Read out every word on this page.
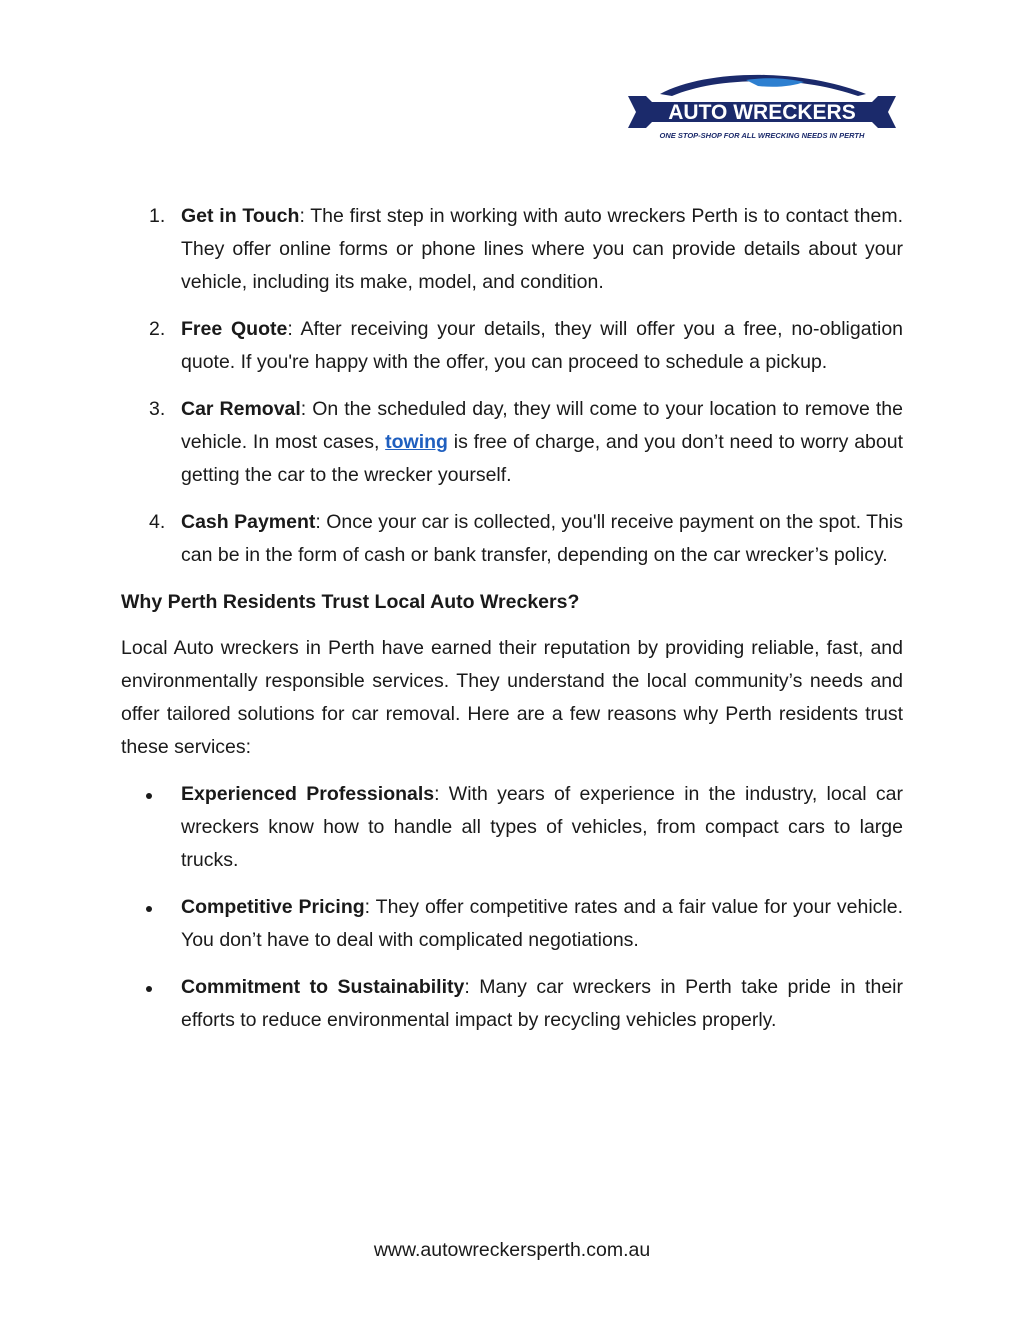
AUTO WRECKERS
ONE STOP-SHOP FOR ALL WRECKING NEEDS IN PERTH
1. Get in Touch: The first step in working with auto wreckers Perth is to contact them. They offer online forms or phone lines where you can provide details about your vehicle, including its make, model, and condition.
2. Free Quote: After receiving your details, they will offer you a free, no-obligation quote. If you're happy with the offer, you can proceed to schedule a pickup.
3. Car Removal: On the scheduled day, they will come to your location to remove the vehicle. In most cases, towing is free of charge, and you don’t need to worry about getting the car to the wrecker yourself.
4. Cash Payment: Once your car is collected, you'll receive payment on the spot. This can be in the form of cash or bank transfer, depending on the car wrecker’s policy.
Why Perth Residents Trust Local Auto Wreckers?

Local Auto wreckers in Perth have earned their reputation by providing reliable, fast, and environmentally responsible services. They understand the local community’s needs and offer tailored solutions for car removal. Here are a few reasons why Perth residents trust these services:

Experienced Professionals: With years of experience in the industry, local car wreckers know how to handle all types of vehicles, from compact cars to large trucks.
Competitive Pricing: They offer competitive rates and a fair value for your vehicle. You don’t have to deal with complicated negotiations.
Commitment to Sustainability: Many car wreckers in Perth take pride in their efforts to reduce environmental impact by recycling vehicles properly.
www.autowreckersperth.com.au
